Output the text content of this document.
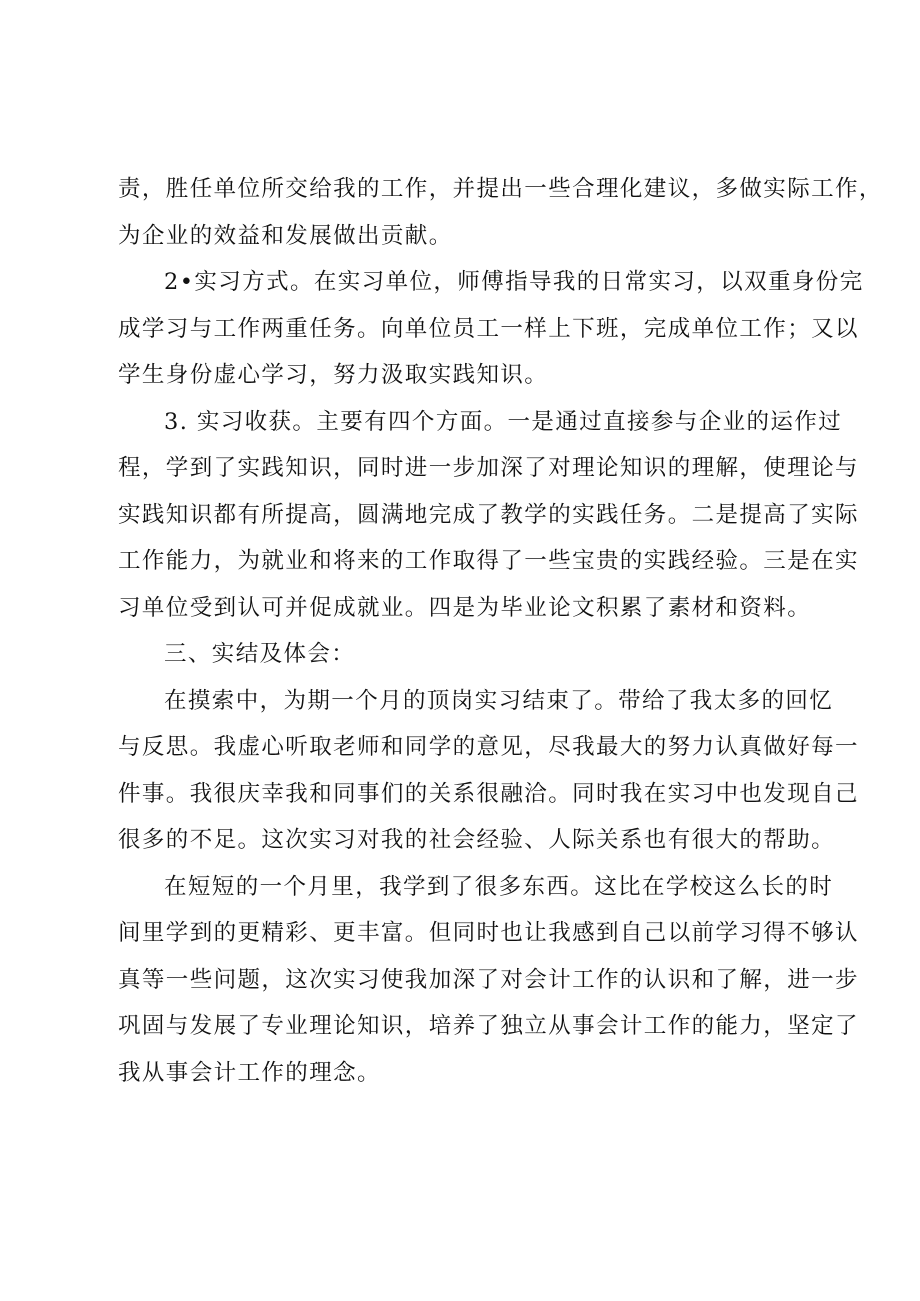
责，胜任单位所交给我的工作，并提出一些合理化建议，多做实际工作，
为企业的效益和发展做出贡献。
2•实习方式。在实习单位，师傅指导我的日常实习，以双重身份完
成学习与工作两重任务。向单位员工一样上下班，完成单位工作；又以
学生身份虚心学习，努力汲取实践知识。
3. 实习收获。主要有四个方面。一是通过直接参与企业的运作过
程，学到了实践知识，同时进一步加深了对理论知识的理解，使理论与
实践知识都有所提高，圆满地完成了教学的实践任务。二是提高了实际
工作能力，为就业和将来的工作取得了一些宝贵的实践经验。三是在实
习单位受到认可并促成就业。四是为毕业论文积累了素材和资料。
三、实结及体会：
在摸索中，为期一个月的顶岗实习结束了。带给了我太多的回忆
与反思。我虚心听取老师和同学的意见，尽我最大的努力认真做好每一
件事。我很庆幸我和同事们的关系很融洽。同时我在实习中也发现自己
很多的不足。这次实习对我的社会经验、人际关系也有很大的帮助。
在短短的一个月里，我学到了很多东西。这比在学校这么长的时
间里学到的更精彩、更丰富。但同时也让我感到自己以前学习得不够认
真等一些问题，这次实习使我加深了对会计工作的认识和了解，进一步
巩固与发展了专业理论知识，培养了独立从事会计工作的能力，坚定了
我从事会计工作的理念。
